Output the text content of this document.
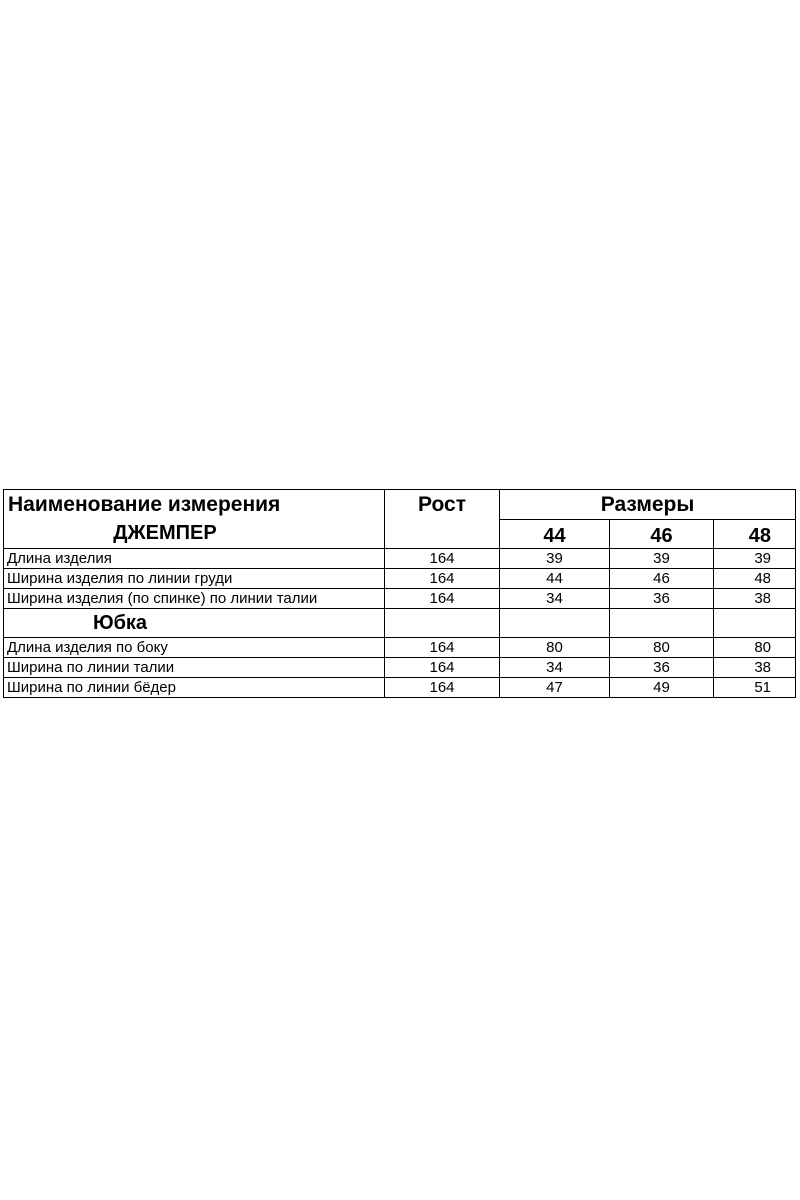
Наименование измерения	Рост	Размеры		
ДЖЕМПЕР		44	46	48
Длина изделия	164	39	39	39
Ширина изделия по линии груди	164	44	46	48
Ширина изделия (по спинке) по линии талии	164	34	36	38
Юбка				
Длина изделия по боку	164	80	80	80
Ширина по линии талии	164	34	36	38
Ширина по линии бёдер	164	47	49	51
